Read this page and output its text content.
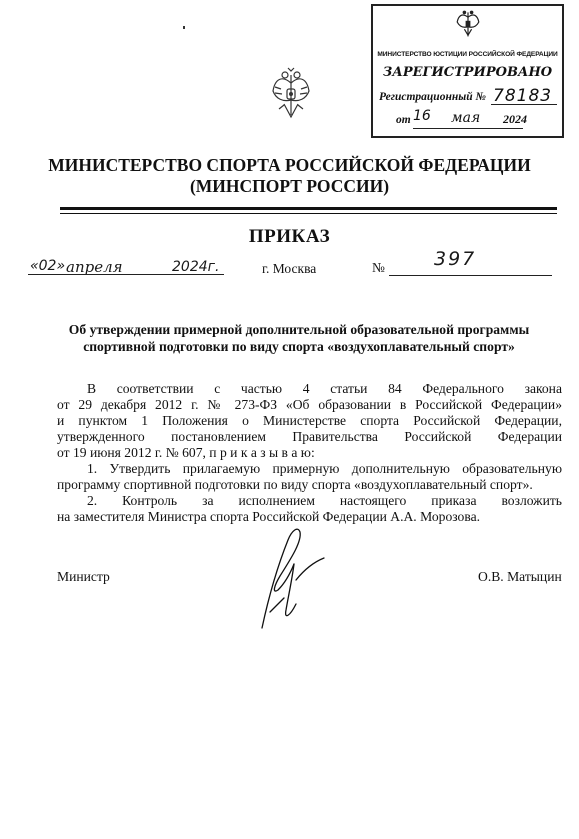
МИНИСТЕРСТВО ЮСТИЦИИ РОССИЙСКОЙ ФЕДЕРАЦИИ
ЗАРЕГИСТРИРОВАНО
Регистрационный № 78183
от 16 мая 2024
МИНИСТЕРСТВО СПОРТА РОССИЙСКОЙ ФЕДЕРАЦИИ
(МИНСПОРТ РОССИИ)
ПРИКАЗ
«02» апреля	2024г.	г. Москва	№	397
Об утверждении примерной дополнительной образовательной программы
спортивной подготовки по виду спорта «воздухоплавательный спорт»
В соответствии с частью 4 статьи 84 Федерального закона
от 29 декабря 2012 г. № 273-ФЗ «Об образовании в Российской Федерации»
и пунктом 1 Положения о Министерстве спорта Российской Федерации,
утвержденного постановлением Правительства Российской Федерации
от 19 июня 2012 г. № 607, п р и к а з ы в а ю:
1. Утвердить прилагаемую примерную дополнительную образовательную
программу спортивной подготовки по виду спорта «воздухоплавательный спорт».
2. Контроль за исполнением настоящего приказа возложить
на заместителя Министра спорта Российской Федерации А.А. Морозова.
Министр	О.В. Матыцин
